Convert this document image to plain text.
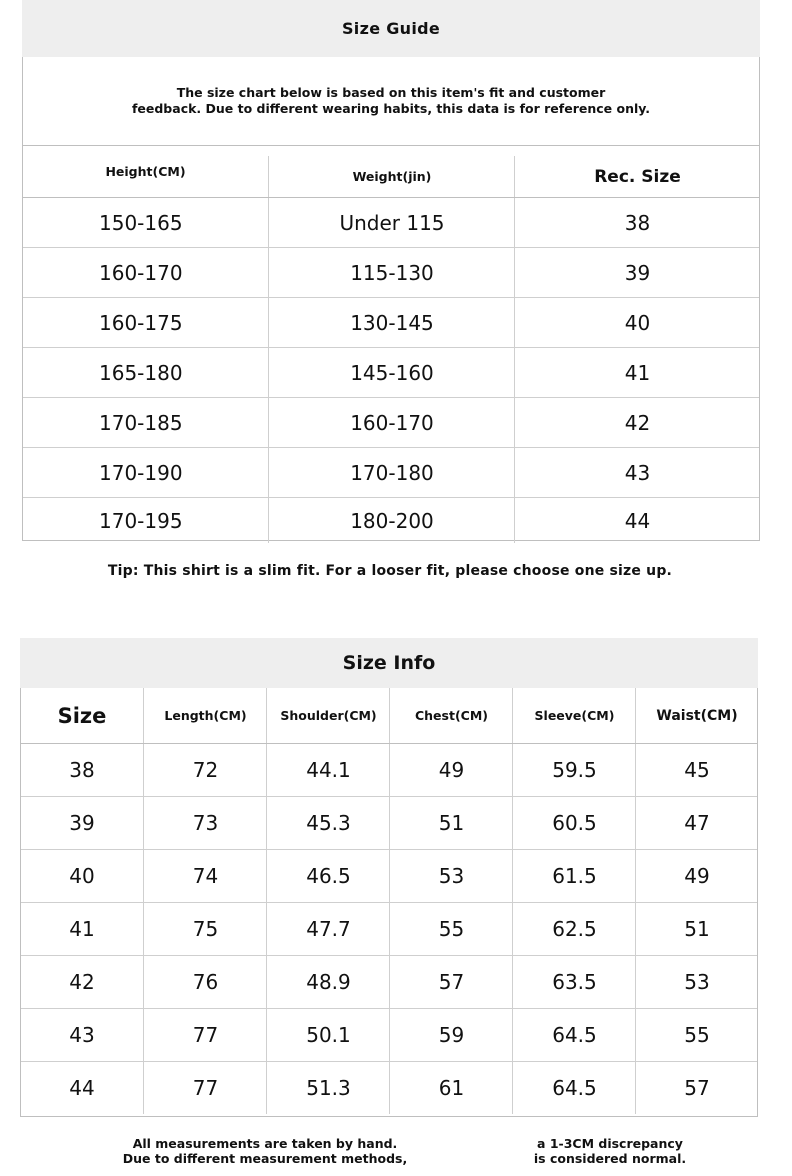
Size Guide
The size chart below is based on this item's fit and customer
feedback. Due to different wearing habits, this data is for reference only.
Height(CM)	Weight(jin)	Rec. Size
150-165	Under 115	38
160-170	115-130	39
160-175	130-145	40
165-180	145-160	41
170-185	160-170	42
170-190	170-180	43
170-195	180-200	44
Tip: This shirt is a slim fit. For a looser fit, please choose one size up.
Size Info
Size	Length(CM)	Shoulder(CM)	Chest(CM)	Sleeve(CM)	Waist(CM)
38	72	44.1	49	59.5	45
39	73	45.3	51	60.5	47
40	74	46.5	53	61.5	49
41	75	47.7	55	62.5	51
42	76	48.9	57	63.5	53
43	77	50.1	59	64.5	55
44	77	51.3	61	64.5	57
All measurements are taken by hand.
Due to different measurement methods,
a 1-3CM discrepancy
is considered normal.
